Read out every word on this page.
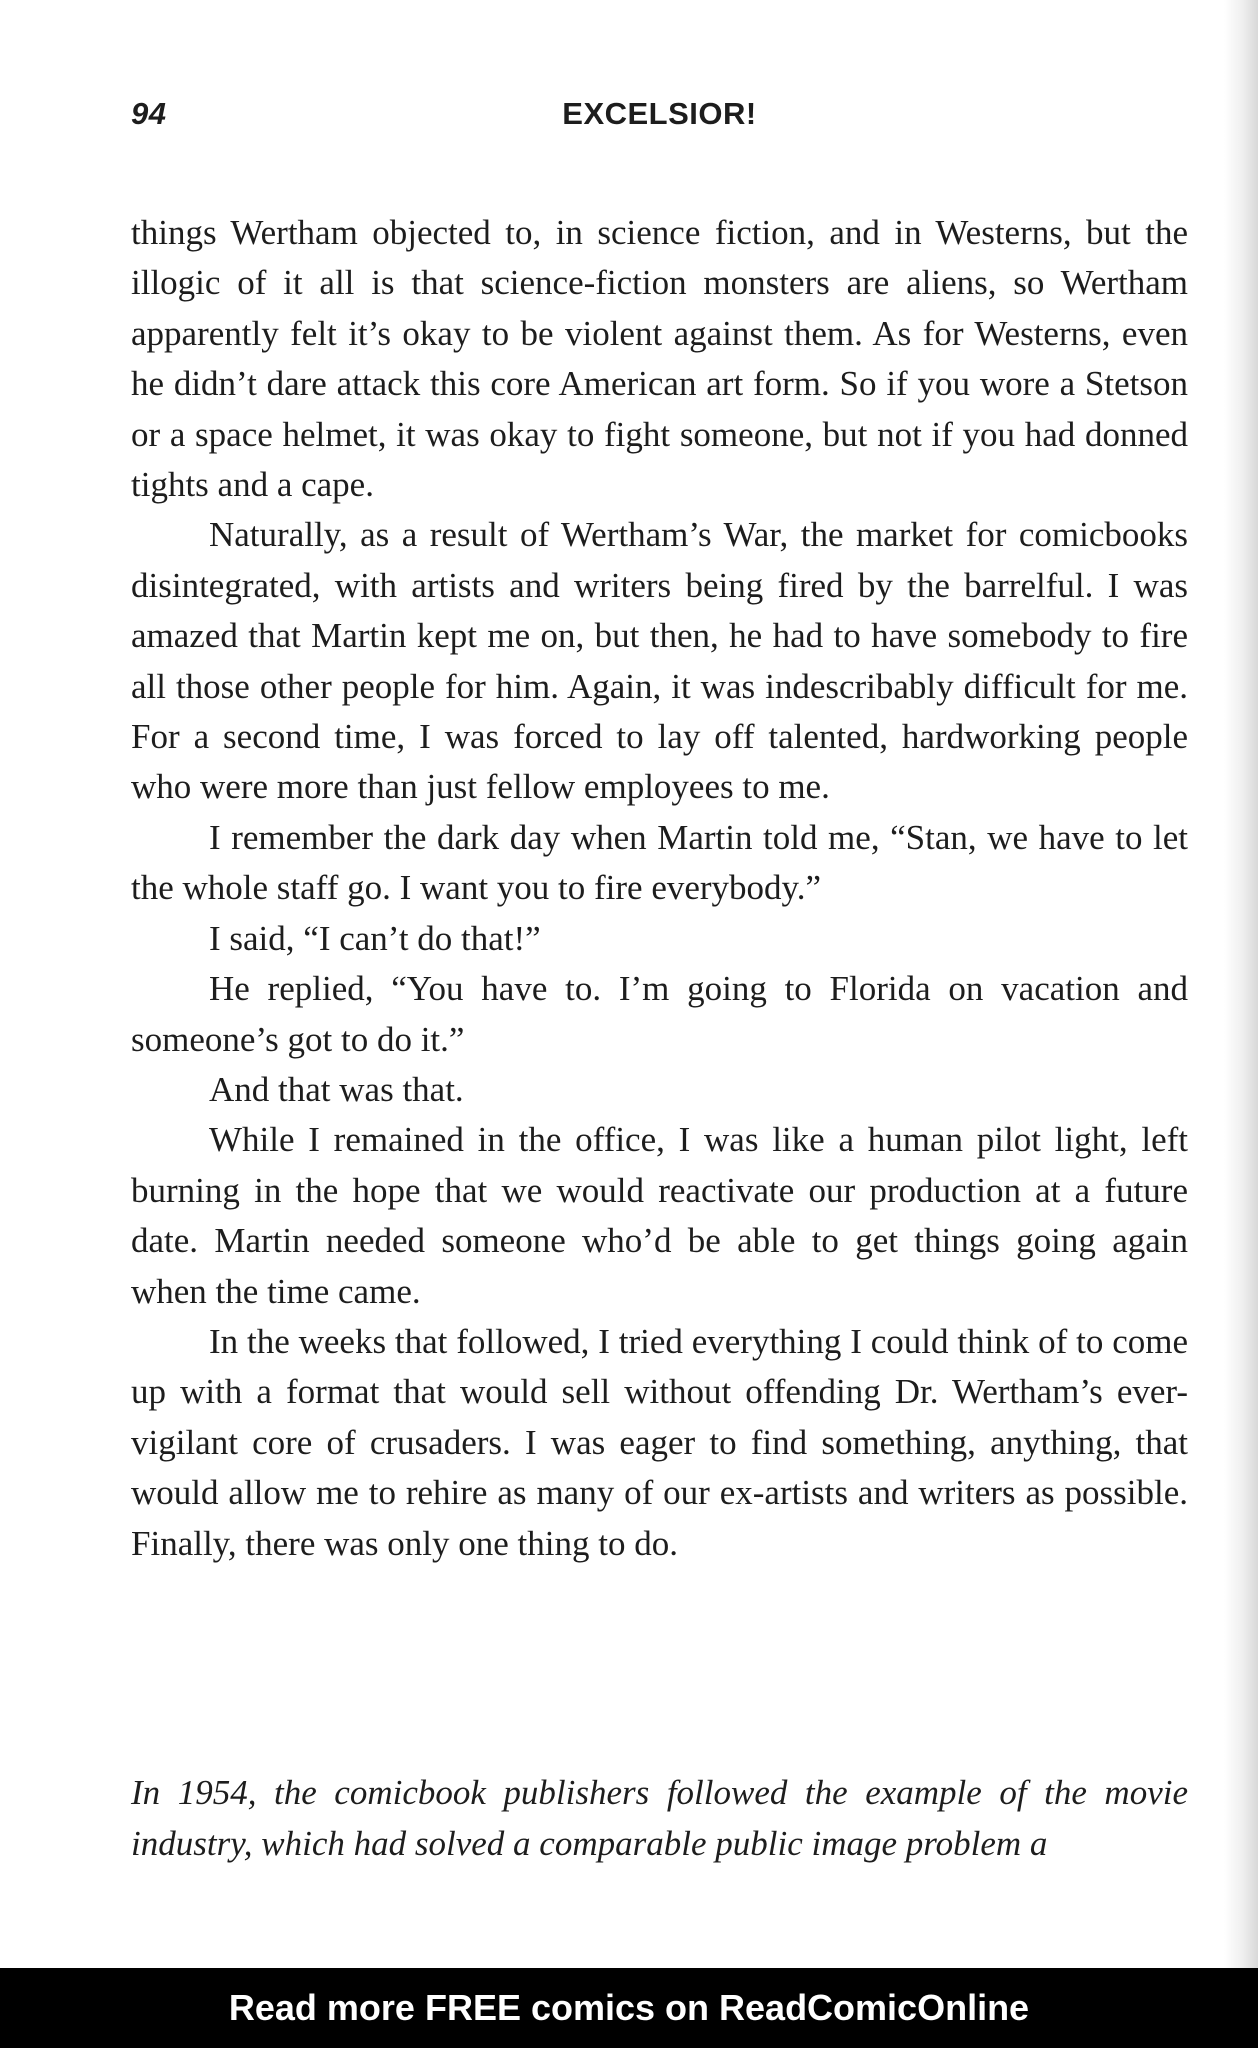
94	EXCELSIOR!

things Wertham objected to, in science fiction, and in Westerns, but the illogic of it all is that science-fiction monsters are aliens, so Wertham apparently felt it’s okay to be violent against them. As for Westerns, even he didn’t dare attack this core American art form. So if you wore a Stetson or a space helmet, it was okay to fight someone, but not if you had donned tights and a cape.

Naturally, as a result of Wertham’s War, the market for comicbooks disintegrated, with artists and writers being fired by the barrelful. I was amazed that Martin kept me on, but then, he had to have somebody to fire all those other people for him. Again, it was indescribably difficult for me. For a second time, I was forced to lay off talented, hardworking people who were more than just fellow employees to me.

I remember the dark day when Martin told me, “Stan, we have to let the whole staff go. I want you to fire everybody.”

I said, “I can’t do that!”

He replied, “You have to. I’m going to Florida on vacation and someone’s got to do it.”

And that was that.

While I remained in the office, I was like a human pilot light, left burning in the hope that we would reactivate our production at a future date. Martin needed someone who’d be able to get things going again when the time came.

In the weeks that followed, I tried everything I could think of to come up with a format that would sell without offending Dr. Wertham’s ever-vigilant core of crusaders. I was eager to find something, anything, that would allow me to rehire as many of our ex-artists and writers as possible. Finally, there was only one thing to do.

In 1954, the comicbook publishers followed the example of the movie industry, which had solved a comparable public image problem a

Read more FREE comics on ReadComicOnline
